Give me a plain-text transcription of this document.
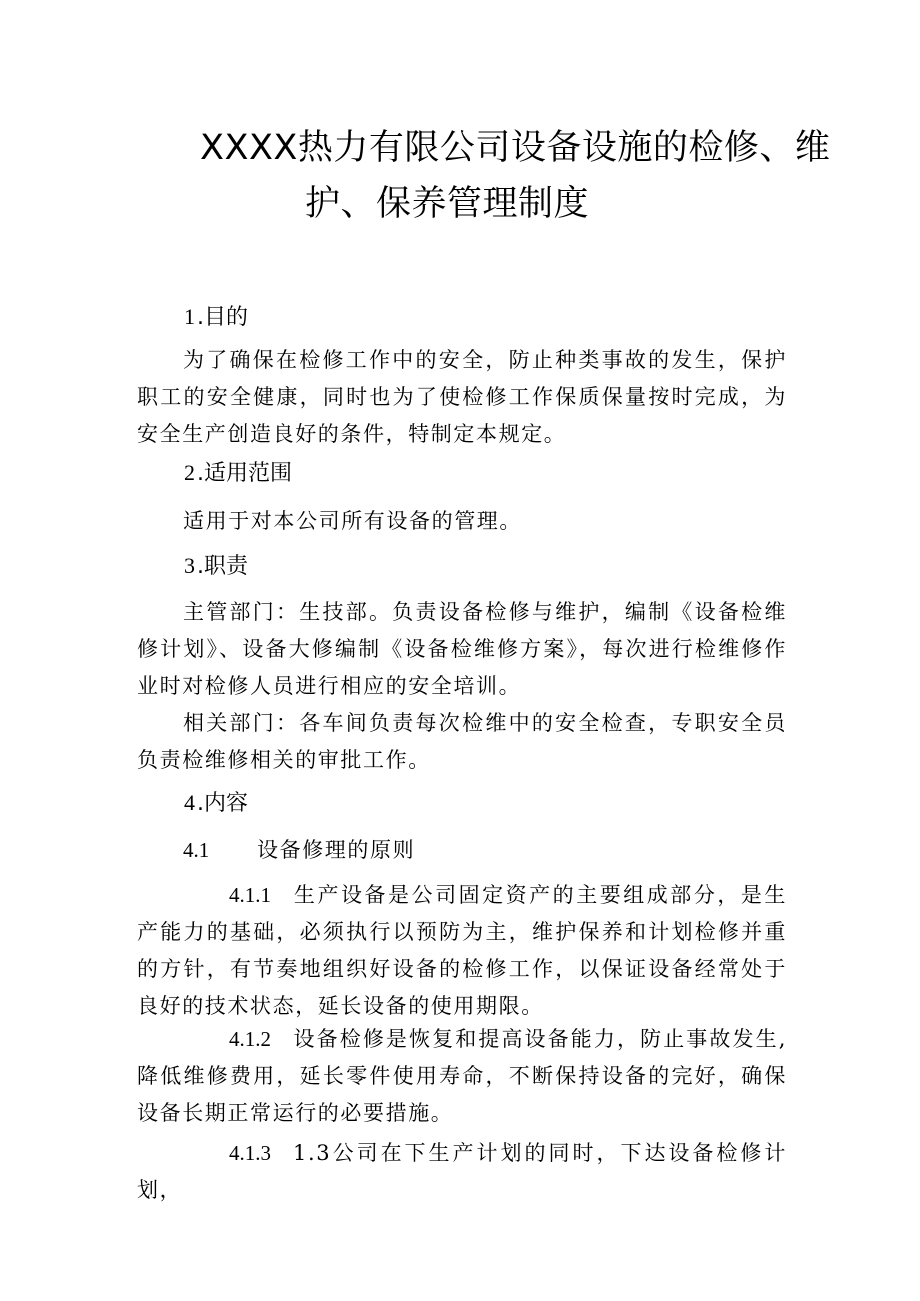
XXXX热力有限公司设备设施的检修、维
护、保养管理制度
1.目的
为了确保在检修工作中的安全，防止种类事故的发生，保护职工的安全健康，同时也为了使检修工作保质保量按时完成，为安全生产创造良好的条件，特制定本规定。
2.适用范围
适用于对本公司所有设备的管理。
3.职责
主管部门：生技部。负责设备检修与维护，编制《设备检维修计划》、设备大修编制《设备检维修方案》，每次进行检维修作业时对检修人员进行相应的安全培训。
相关部门：各车间负责每次检维中的安全检查，专职安全员负责检维修相关的审批工作。
4.内容
4.1 设备修理的原则
4.1.1 生产设备是公司固定资产的主要组成部分，是生产能力的基础，必须执行以预防为主，维护保养和计划检修并重的方针，有节奏地组织好设备的检修工作，以保证设备经常处于良好的技术状态，延长设备的使用期限。
4.1.2 设备检修是恢复和提高设备能力，防止事故发生,降低维修费用，延长零件使用寿命，不断保持设备的完好，确保设备长期正常运行的必要措施。
4.1.3 1.3公司在下生产计划的同时，下达设备检修计划，
